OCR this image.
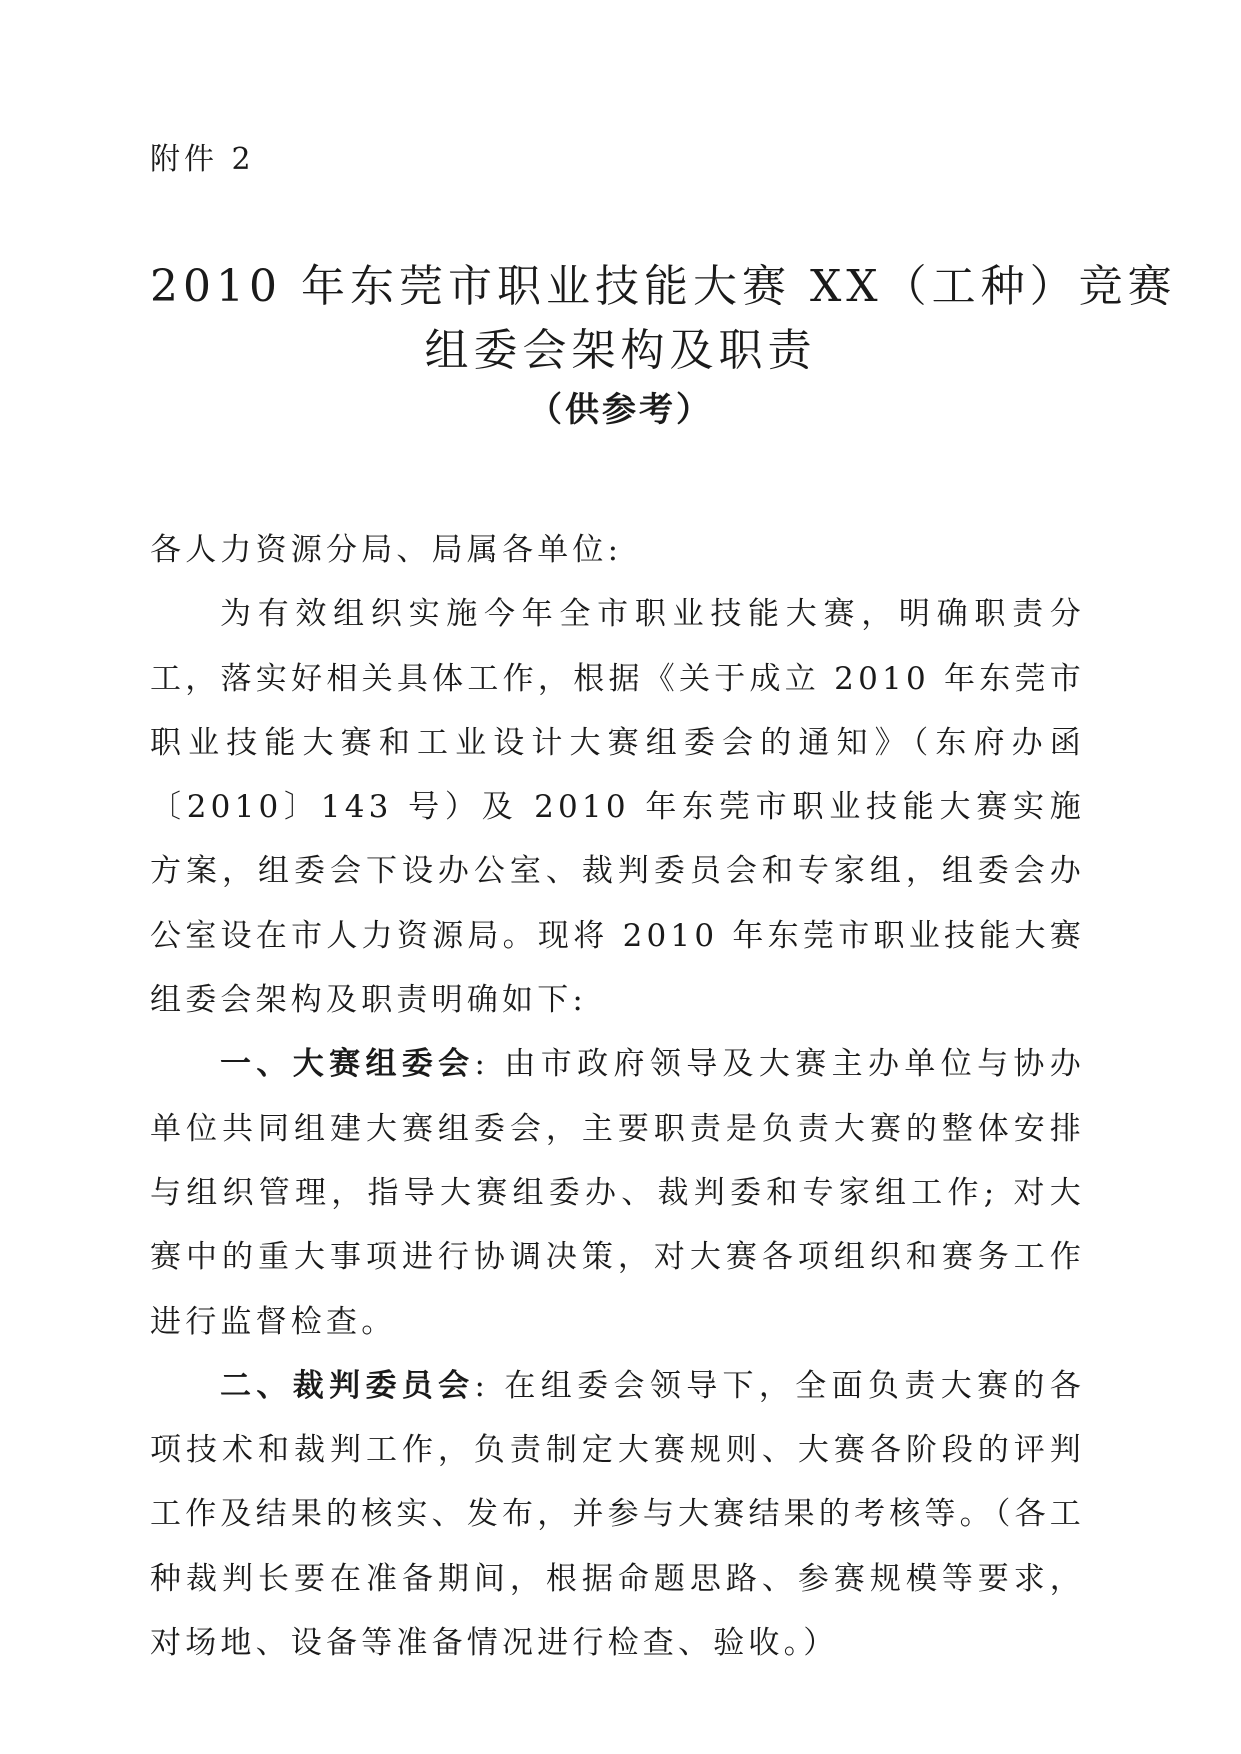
附件 2
2010 年东莞市职业技能大赛 XX（工种）竞赛
组委会架构及职责
（供参考）

各人力资源分局、局属各单位:

为有效组织实施今年全市职业技能大赛，明确职责分工，落实好相关具体工作，根据《关于成立 2010 年东莞市职业技能大赛和工业设计大赛组委会的通知》（东府办函〔2010〕143 号）及 2010 年东莞市职业技能大赛实施方案，组委会下设办公室、裁判委员会和专家组，组委会办公室设在市人力资源局。现将 2010 年东莞市职业技能大赛组委会架构及职责明确如下:

一、大赛组委会: 由市政府领导及大赛主办单位与协办单位共同组建大赛组委会，主要职责是负责大赛的整体安排与组织管理，指导大赛组委办、裁判委和专家组工作; 对大赛中的重大事项进行协调决策，对大赛各项组织和赛务工作进行监督检查。

二、裁判委员会: 在组委会领导下，全面负责大赛的各项技术和裁判工作，负责制定大赛规则、大赛各阶段的评判工作及结果的核实、发布，并参与大赛结果的考核等。（各工种裁判长要在准备期间，根据命题思路、参赛规模等要求，对场地、设备等准备情况进行检查、验收。）
